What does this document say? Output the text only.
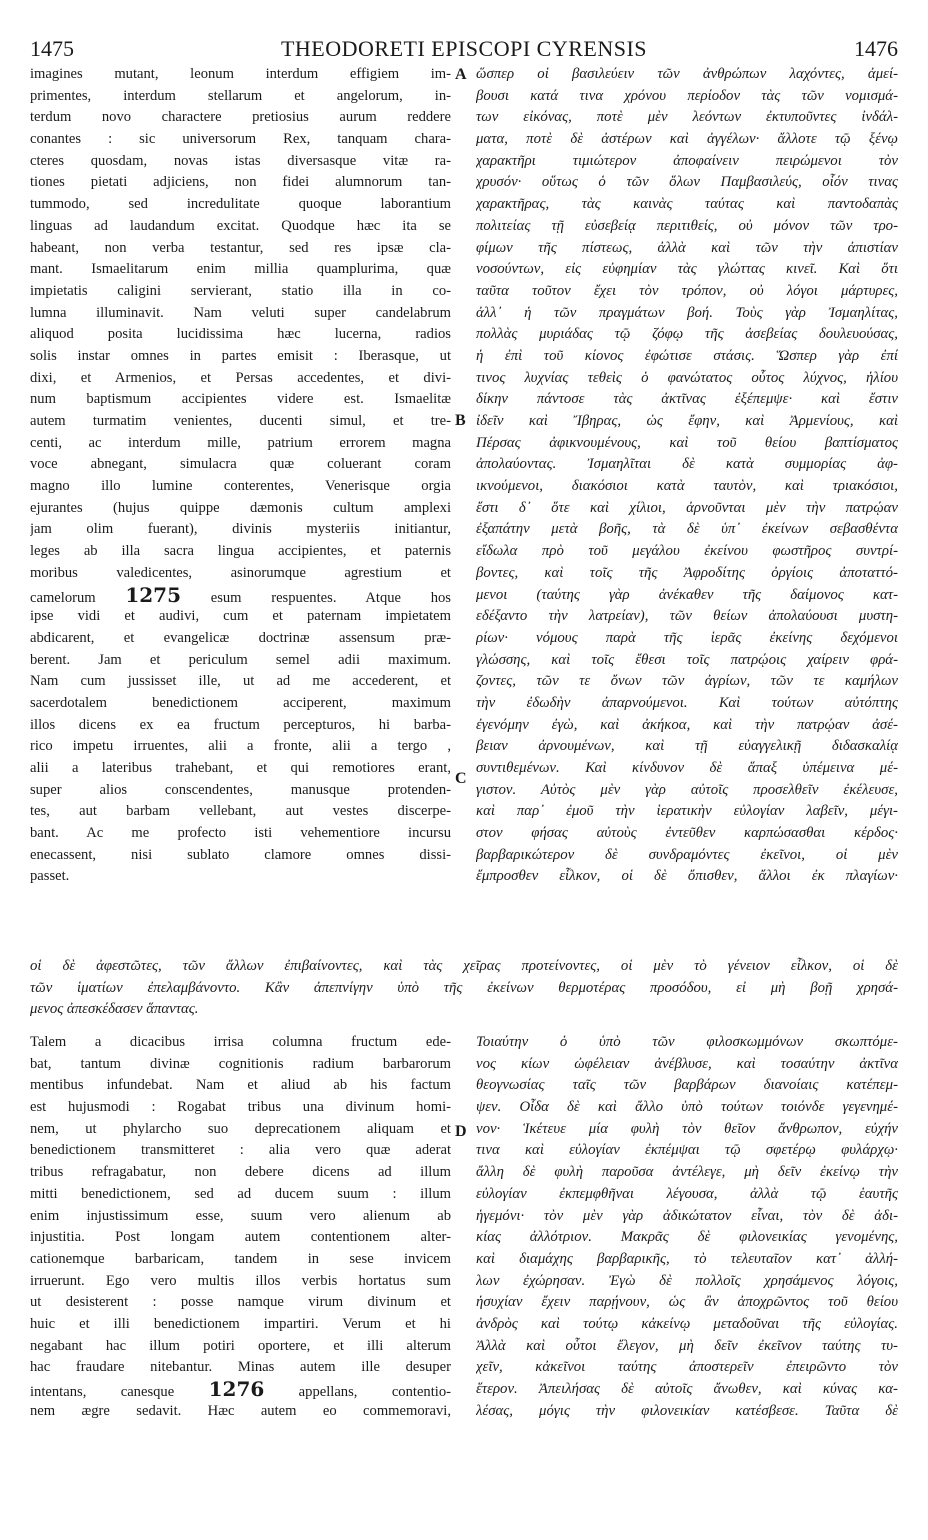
1475	THEODORETI EPISCOPI CYRENSIS	1476
imagines mutant, leonum interdum effigiem im-
primentes, interdum stellarum et angelorum, in-
terdum novo charactere pretiosius aurum reddere
conantes : sic universorum Rex, tanquam chara-
cteres quosdam, novas istas diversasque vitæ ra-
tiones pietati adjiciens, non fidei alumnorum tan-
tummodo, sed incredulitate quoque laborantium
linguas ad laudandum excitat. Quodque hæc ita se
habeant, non verba testantur, sed res ipsæ cla-
mant. Ismaelitarum enim millia quamplurima, quæ
impietatis caligini servierant, statio illa in co-
lumna illuminavit. Nam veluti super candelabrum
aliquod posita lucidissima hæc lucerna, radios
solis instar omnes in partes emisit : Iberasque, ut
dixi, et Armenios, et Persas accedentes, et divi-
num baptismum accipientes videre est. Ismaelitæ
autem turmatim venientes, ducenti simul, et tre-
centi, ac interdum mille, patrium errorem magna
voce abnegant, simulacra quæ coluerant coram
magno illo lumine conterentes, Venerisque orgia
ejurantes (hujus quippe dæmonis cultum amplexi
jam olim fuerant), divinis mysteriis initiantur,
leges ab illa sacra lingua accipientes, et paternis
moribus valedicentes, asinorumque agrestium et
camelorum 1275 esum respuentes. Atque hos
ipse vidi et audivi, cum et paternam impietatem
abdicarent, et evangelicæ doctrinæ assensum præ-
berent. Jam et periculum semel adii maximum.
Nam cum jussisset ille, ut ad me accederent, et
sacerdotalem benedictionem acciperent, maximum
illos dicens ex ea fructum percepturos, hi barba-
rico impetu irruentes, alii a fronte, alii a tergo ,
alii a lateribus trahebant, et qui remotiores erant,
super alios conscendentes, manusque protenden-
tes, aut barbam vellebant, aut vestes discerpe-
bant. Ac me profecto isti vehementiore incursu
enecassent, nisi sublato clamore omnes dissi-
passet.
A
B
C
ὥσπερ οἱ βασιλεύειν τῶν ἀνθρώπων λαχόντες, ἀμεί-
βουσι κατά τινα χρόνου περίοδον τὰς τῶν νομισμά-
των εἰκόνας, ποτὲ μὲν λεόντων ἐκτυποῦντες ἰνδάλ-
ματα, ποτὲ δὲ ἀστέρων καὶ ἀγγέλων· ἄλλοτε τῷ ξένῳ
χαρακτῆρι τιμιώτερον ἀποφαίνειν πειρώμενοι τὸν
χρυσόν· οὕτως ὁ τῶν ὅλων Παμβασιλεύς, οἷόν τινας
χαρακτῆρας, τὰς καινὰς ταύτας καὶ παντοδαπὰς
πολιτείας τῇ εὐσεβείᾳ περιτιθείς, οὐ μόνον τῶν τρο-
φίμων τῆς πίστεως, ἀλλὰ καὶ τῶν τὴν ἀπιστίαν
νοσούντων, εἰς εὐφημίαν τὰς γλώττας κινεῖ. Καὶ ὅτι
ταῦτα τοῦτον ἔχει τὸν τρόπον, οὐ λόγοι μάρτυρες,
ἀλλ᾽ ἡ τῶν πραγμάτων βοή. Τοὺς γὰρ Ἰσμαηλίτας,
πολλὰς μυριάδας τῷ ζόφῳ τῆς ἀσεβείας δουλευούσας,
ἡ ἐπὶ τοῦ κίονος ἐφώτισε στάσις. Ὥσπερ γὰρ ἐπί
τινος λυχνίας τεθεὶς ὁ φανώτατος οὗτος λύχνος, ἡλίου
δίκην πάντοσε τὰς ἀκτῖνας ἐξέπεμψε· καὶ ἔστιν
ἰδεῖν καὶ Ἴβηρας, ὡς ἔφην, καὶ Ἀρμενίους, καὶ
Πέρσας ἀφικνουμένους, καὶ τοῦ θείου βαπτίσματος
ἀπολαύοντας. Ἰσμαηλῖται δὲ κατὰ συμμορίας ἀφ-
ικνούμενοι, διακόσιοι κατὰ ταυτὸν, καὶ τριακόσιοι,
ἔστι δ᾽ ὅτε καὶ χίλιοι, ἀρνοῦνται μὲν τὴν πατρῴαν
ἐξαπάτην μετὰ βοῆς, τὰ δὲ ὑπ᾽ ἐκείνων σεβασθέντα
εἴδωλα πρὸ τοῦ μεγάλου ἐκείνου φωστῆρος συντρί-
βοντες, καὶ τοῖς τῆς Ἀφροδίτης ὀργίοις ἀποταττό-
μενοι (ταύτης γὰρ ἀνέκαθεν τῆς δαίμονος κατ-
εδέξαντο τὴν λατρείαν), τῶν θείων ἀπολαύουσι μυστη-
ρίων· νόμους παρὰ τῆς ἱερᾶς ἐκείνης δεχόμενοι
γλώσσης, καὶ τοῖς ἔθεσι τοῖς πατρῴοις χαίρειν φρά-
ζοντες, τῶν τε ὄνων τῶν ἀγρίων, τῶν τε καμήλων
τὴν ἐδωδὴν ἀπαρνούμενοι. Καὶ τούτων αὐτόπτης
ἐγενόμην ἐγὼ, καὶ ἀκήκοα, καὶ τὴν πατρῴαν ἀσέ-
βειαν ἀρνουμένων, καὶ τῇ εὐαγγελικῇ διδασκαλίᾳ
συντιθεμένων. Καὶ κίνδυνον δὲ ἅπαξ ὑπέμεινα μέ-
γιστον. Αὐτὸς μὲν γὰρ αὐτοῖς προσελθεῖν ἐκέλευσε,
καὶ παρ᾽ ἐμοῦ τὴν ἱερατικὴν εὐλογίαν λαβεῖν, μέγι-
στον φήσας αὐτοὺς ἐντεῦθεν καρπώσασθαι κέρδος·
βαρβαρικώτερον δὲ συνδραμόντες ἐκεῖνοι, οἱ μὲν
ἔμπροσθεν εἷλκον, οἱ δὲ ὄπισθεν, ἄλλοι ἐκ πλαγίων·
οἱ δὲ ἀφεστῶτες, τῶν ἄλλων ἐπιβαίνοντες, καὶ τὰς χεῖρας προτείνοντες, οἱ μὲν τὸ γένειον εἷλκον, οἱ δὲ
τῶν ἱματίων ἐπελαμβάνοντο. Κἂν ἀπεπνίγην ὑπὸ τῆς ἐκείνων θερμοτέρας προσόδου, εἰ μὴ βοῇ χρησά-
μενος ἀπεσκέδασεν ἅπαντας.
Talem a dicacibus irrisa columna fructum ede-
bat, tantum divinæ cognitionis radium barbarorum
mentibus infundebat. Nam et aliud ab his factum
est hujusmodi : Rogabat tribus una divinum homi-
nem, ut phylarcho suo deprecationem aliquam et
benedictionem transmitteret : alia vero quæ aderat
tribus refragabatur, non debere dicens ad illum
mitti benedictionem, sed ad ducem suum : illum
enim injustissimum esse, suum vero alienum ab
injustitia. Post longam autem contentionem alter-
cationemque barbaricam, tandem in sese invicem
irruerunt. Ego vero multis illos verbis hortatus sum
ut desisterent : posse namque virum divinum et
huic et illi benedictionem impartiri. Verum et hi
negabant hac illum potiri oportere, et illi alterum
hac fraudare nitebantur. Minas autem ille desuper
intentans, canesque 1276 appellans, contentio-
nem ægre sedavit. Hæc autem eo commemoravi,
D
Τοιαύτην ὁ ὑπὸ τῶν φιλοσκωμμόνων σκωπτόμε-
νος κίων ὠφέλειαν ἀνέβλυσε, καὶ τοσαύτην ἀκτῖνα
θεογνωσίας ταῖς τῶν βαρβάρων διανοίαις κατέπεμ-
ψεν. Οἶδα δὲ καὶ ἄλλο ὑπὸ τούτων τοιόνδε γεγενημέ-
νον· Ἱκέτευε μία φυλὴ τὸν θεῖον ἄνθρωπον, εὐχήν
τινα καὶ εὐλογίαν ἐκπέμψαι τῷ σφετέρῳ φυλάρχῳ·
ἄλλη δὲ φυλὴ παροῦσα ἀντέλεγε, μὴ δεῖν ἐκείνῳ τὴν
εὐλογίαν ἐκπεμφθῆναι λέγουσα, ἀλλὰ τῷ ἑαυτῆς
ἡγεμόνι· τὸν μὲν γὰρ ἀδικώτατον εἶναι, τὸν δὲ ἀδι-
κίας ἀλλότριον. Μακρᾶς δὲ φιλονεικίας γενομένης,
καὶ διαμάχης βαρβαρικῆς, τὸ τελευταῖον κατ᾽ ἀλλή-
λων ἐχώρησαν. Ἐγὼ δὲ πολλοῖς χρησάμενος λόγοις,
ἡσυχίαν ἔχειν παρῄνουν, ὡς ἂν ἀποχρῶντος τοῦ θείου
ἀνδρὸς καὶ τούτῳ κἀκείνῳ μεταδοῦναι τῆς εὐλογίας.
Ἀλλὰ καὶ οὗτοι ἔλεγον, μὴ δεῖν ἐκεῖνον ταύτης τυ-
χεῖν, κἀκεῖνοι ταύτης ἀποστερεῖν ἐπειρῶντο τὸν
ἕτερον. Ἀπειλήσας δὲ αὐτοῖς ἄνωθεν, καὶ κύνας κα-
λέσας, μόγις τὴν φιλονεικίαν κατέσβεσε. Ταῦτα δὲ
